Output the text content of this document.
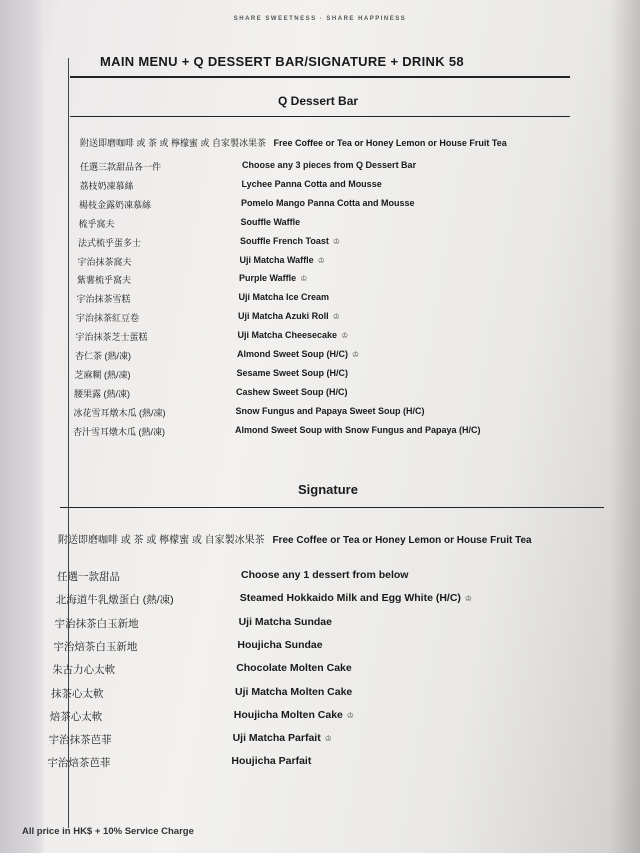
SHARE SWEETNESS · SHARE HAPPINESS
MAIN MENU + Q DESSERT BAR/SIGNATURE + DRINK 58
Q Dessert Bar
附送即磨咖啡 或 茶 或 檸檬蜜 或 自家製冰果茶 Free Coffee or Tea or Honey Lemon or House Fruit Tea
任選三款甜品各一件	Choose any 3 pieces from Q Dessert Bar
荔枝奶凍慕絲	Lychee Panna Cotta and Mousse
楊枝金露奶凍慕絲	Pomelo Mango Panna Cotta and Mousse
梳乎窩夫	Souffle Waffle
法式梳乎蛋多士	Souffle French Toast ♔
宇治抹茶窩夫	Uji Matcha Waffle ♔
紫薯梳乎窩夫	Purple Waffle ♔
宇治抹茶雪糕	Uji Matcha Ice Cream
宇治抹茶紅豆卷	Uji Matcha Azuki Roll ♔
宇治抹茶芝士蛋糕	Uji Matcha Cheesecake ♔
杏仁茶 (熱/凍)	Almond Sweet Soup (H/C) ♔
芝麻糊 (熱/凍)	Sesame Sweet Soup (H/C)
腰果露 (熱/凍)	Cashew Sweet Soup (H/C)
冰花雪耳燉木瓜 (熱/凍)	Snow Fungus and Papaya Sweet Soup (H/C)
杏汁雪耳燉木瓜 (熱/凍)	Almond Sweet Soup with Snow Fungus and Papaya (H/C)
Signature
附送即磨咖啡 或 茶 或 檸檬蜜 或 自家製冰果茶 Free Coffee or Tea or Honey Lemon or House Fruit Tea
任選一款甜品	Choose any 1 dessert from below
北海道牛乳燉蛋白 (熱/凍)	Steamed Hokkaido Milk and Egg White (H/C) ♔
宇治抹茶白玉新地	Uji Matcha Sundae
宇治焙茶白玉新地	Houjicha Sundae
朱古力心太軟	Chocolate Molten Cake
抹茶心太軟	Uji Matcha Molten Cake
焙茶心太軟	Houjicha Molten Cake ♔
宇治抹茶芭菲	Uji Matcha Parfait ♔
宇治焙茶芭菲	Houjicha Parfait
All price in HK$ + 10% Service Charge
